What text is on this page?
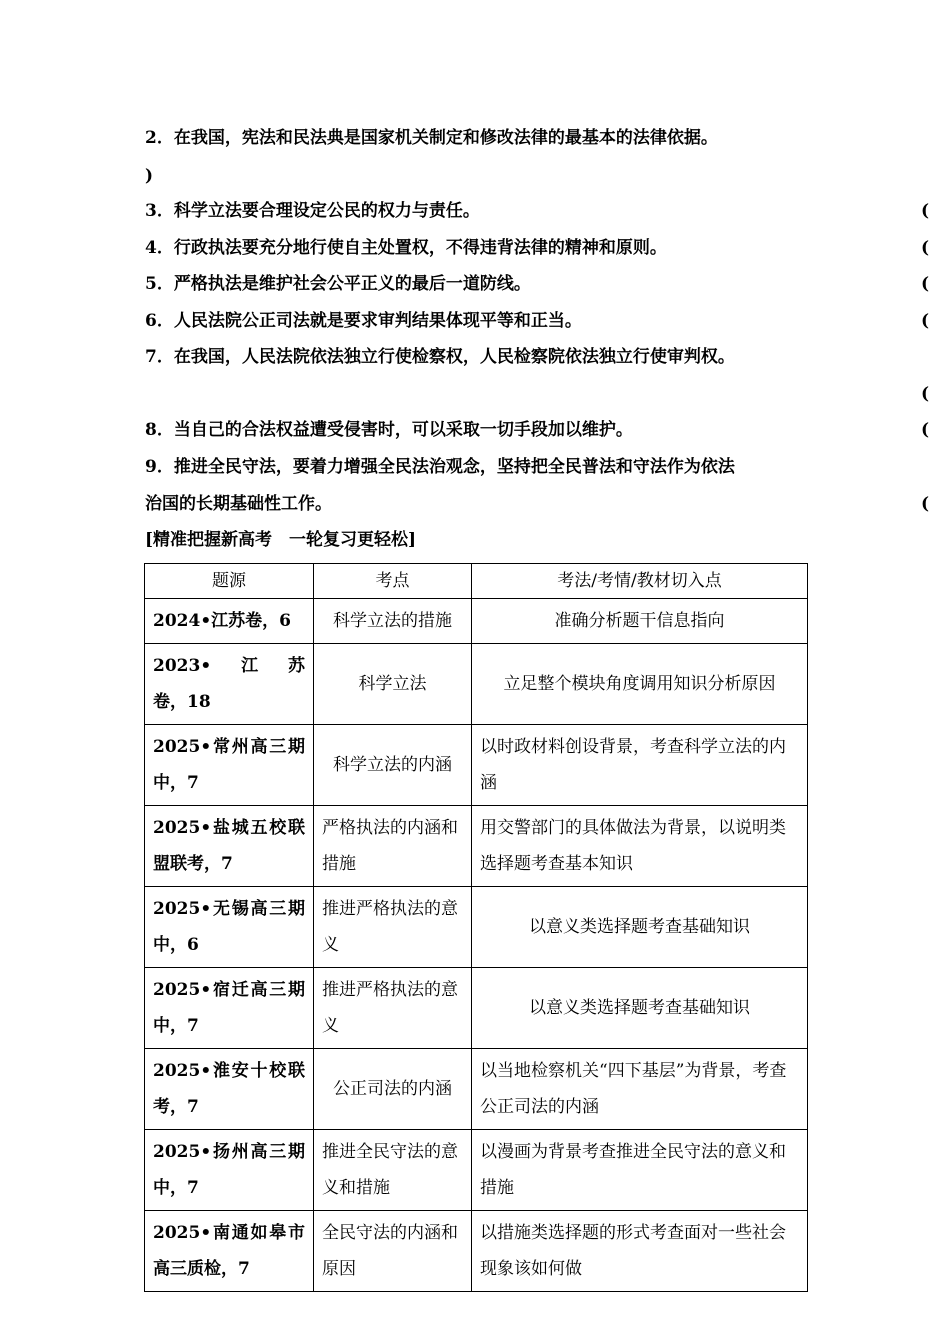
2．在我国，宪法和民法典是国家机关制定和修改法律的最基本的法律依据。
)
3．科学立法要合理设定公民的权力与责任。	(
4．行政执法要充分地行使自主处置权，不得违背法律的精神和原则。	(
5．严格执法是维护社会公平正义的最后一道防线。	(
6．人民法院公正司法就是要求审判结果体现平等和正当。	(
7．在我国，人民法院依法独立行使检察权，人民检察院依法独立行使审判权。
(
8．当自己的合法权益遭受侵害时，可以采取一切手段加以维护。	(
9．推进全民守法，要着力增强全民法治观念，坚持把全民普法和守法作为依法
治国的长期基础性工作。	(
[精准把握新高考　一轮复习更轻松]
题源	考点	考法/考情/教材切入点
2024•江苏卷，6	科学立法的措施	准确分析题干信息指向
2023•　江　苏卷，18	科学立法	立足整个模块角度调用知识分析原因
2025•常州高三期中，7	科学立法的内涵	以时政材料创设背景，考查科学立法的内涵
2025•盐城五校联盟联考，7	严格执法的内涵和措施	用交警部门的具体做法为背景，以说明类选择题考查基本知识
2025•无锡高三期中，6	推进严格执法的意义	以意义类选择题考查基础知识
2025•宿迁高三期中，7	推进严格执法的意义	以意义类选择题考查基础知识
2025•淮安十校联考，7	公正司法的内涵	以当地检察机关“四下基层”为背景，考查公正司法的内涵
2025•扬州高三期中，7	推进全民守法的意义和措施	以漫画为背景考查推进全民守法的意义和措施
2025•南通如皋市高三质检，7	全民守法的内涵和原因	以措施类选择题的形式考查面对一些社会现象该如何做
